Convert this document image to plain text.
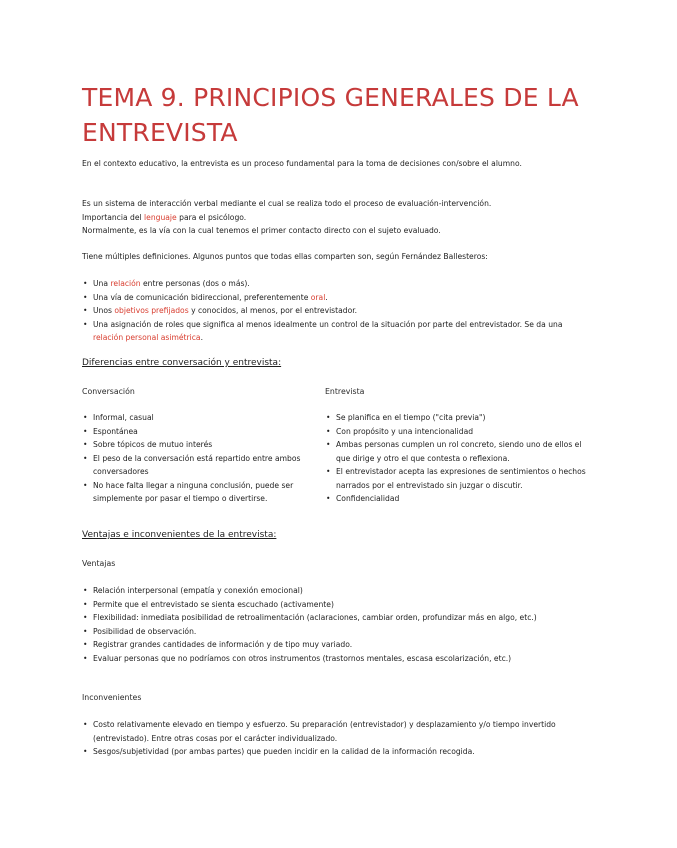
TEMA 9. PRINCIPIOS GENERALES DE LA ENTREVISTA

En el contexto educativo, la entrevista es un proceso fundamental para la toma de decisiones con/sobre el alumno.

Es un sistema de interacción verbal mediante el cual se realiza todo el proceso de evaluación-intervención.
Importancia del lenguaje para el psicólogo.
Normalmente, es la vía con la cual tenemos el primer contacto directo con el sujeto evaluado.

Tiene múltiples definiciones. Algunos puntos que todas ellas comparten son, según Fernández Ballesteros:

• Una relación entre personas (dos o más).
• Una vía de comunicación bidireccional, preferentemente oral.
• Unos objetivos prefijados y conocidos, al menos, por el entrevistador.
• Una asignación de roles que significa al menos idealmente un control de la situación por parte del entrevistador. Se da una relación personal asimétrica.
Diferencias entre conversación y entrevista:
Conversación
• Informal, casual
• Espontánea
• Sobre tópicos de mutuo interés
• El peso de la conversación está repartido entre ambos conversadores
• No hace falta llegar a ninguna conclusión, puede ser simplemente por pasar el tiempo o divertirse.
Entrevista
• Se planifica en el tiempo ("cita previa")
• Con propósito y una intencionalidad
• Ambas personas cumplen un rol concreto, siendo uno de ellos el que dirige y otro el que contesta o reflexiona.
• El entrevistador acepta las expresiones de sentimientos o hechos narrados por el entrevistado sin juzgar o discutir.
• Confidencialidad
Ventajas e inconvenientes de la entrevista:
Ventajas
• Relación interpersonal (empatía y conexión emocional)
• Permite que el entrevistado se sienta escuchado (activamente)
• Flexibilidad: inmediata posibilidad de retroalimentación (aclaraciones, cambiar orden, profundizar más en algo, etc.)
• Posibilidad de observación.
• Registrar grandes cantidades de información y de tipo muy variado.
• Evaluar personas que no podríamos con otros instrumentos (trastornos mentales, escasa escolarización, etc.)
Inconvenientes
• Costo relativamente elevado en tiempo y esfuerzo. Su preparación (entrevistador) y desplazamiento y/o tiempo invertido (entrevistado). Entre otras cosas por el carácter individualizado.
• Sesgos/subjetividad (por ambas partes) que pueden incidir en la calidad de la información recogida.
